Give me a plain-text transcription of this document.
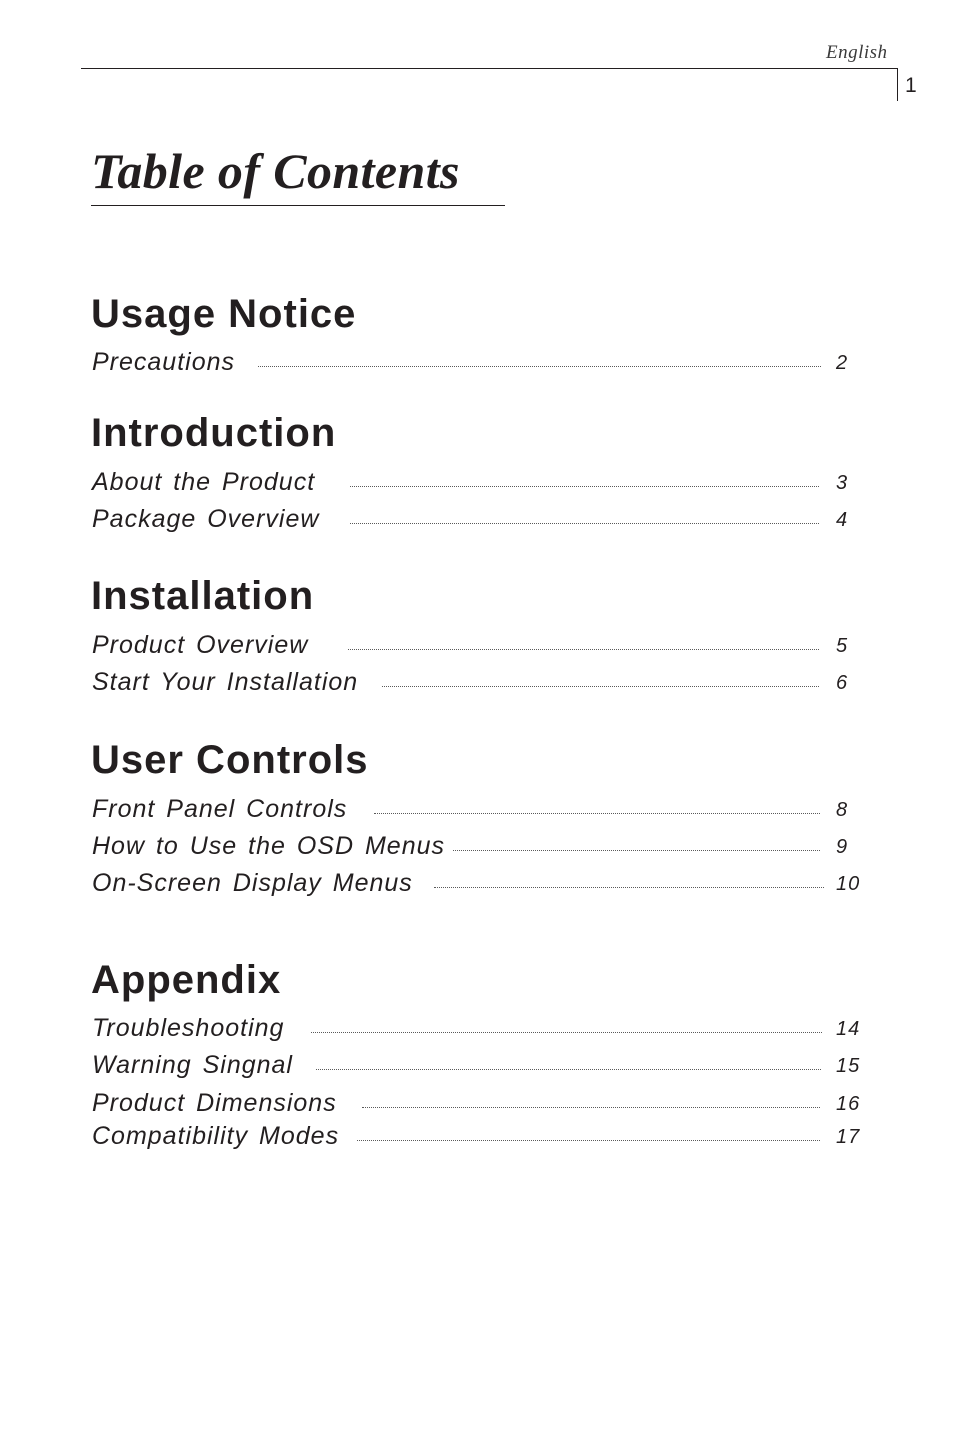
English
1
Table of Contents
Usage Notice
Precautions	2
Introduction
About the Product	3
Package Overview	4
Installation
Product Overview	5
Start Your Installation	6
User Controls
Front Panel Controls	8
How to Use the OSD Menus	9
On-Screen Display Menus	10
Appendix
Troubleshooting	14
Warning Singnal	15
Product Dimensions	16
Compatibility Modes	17
